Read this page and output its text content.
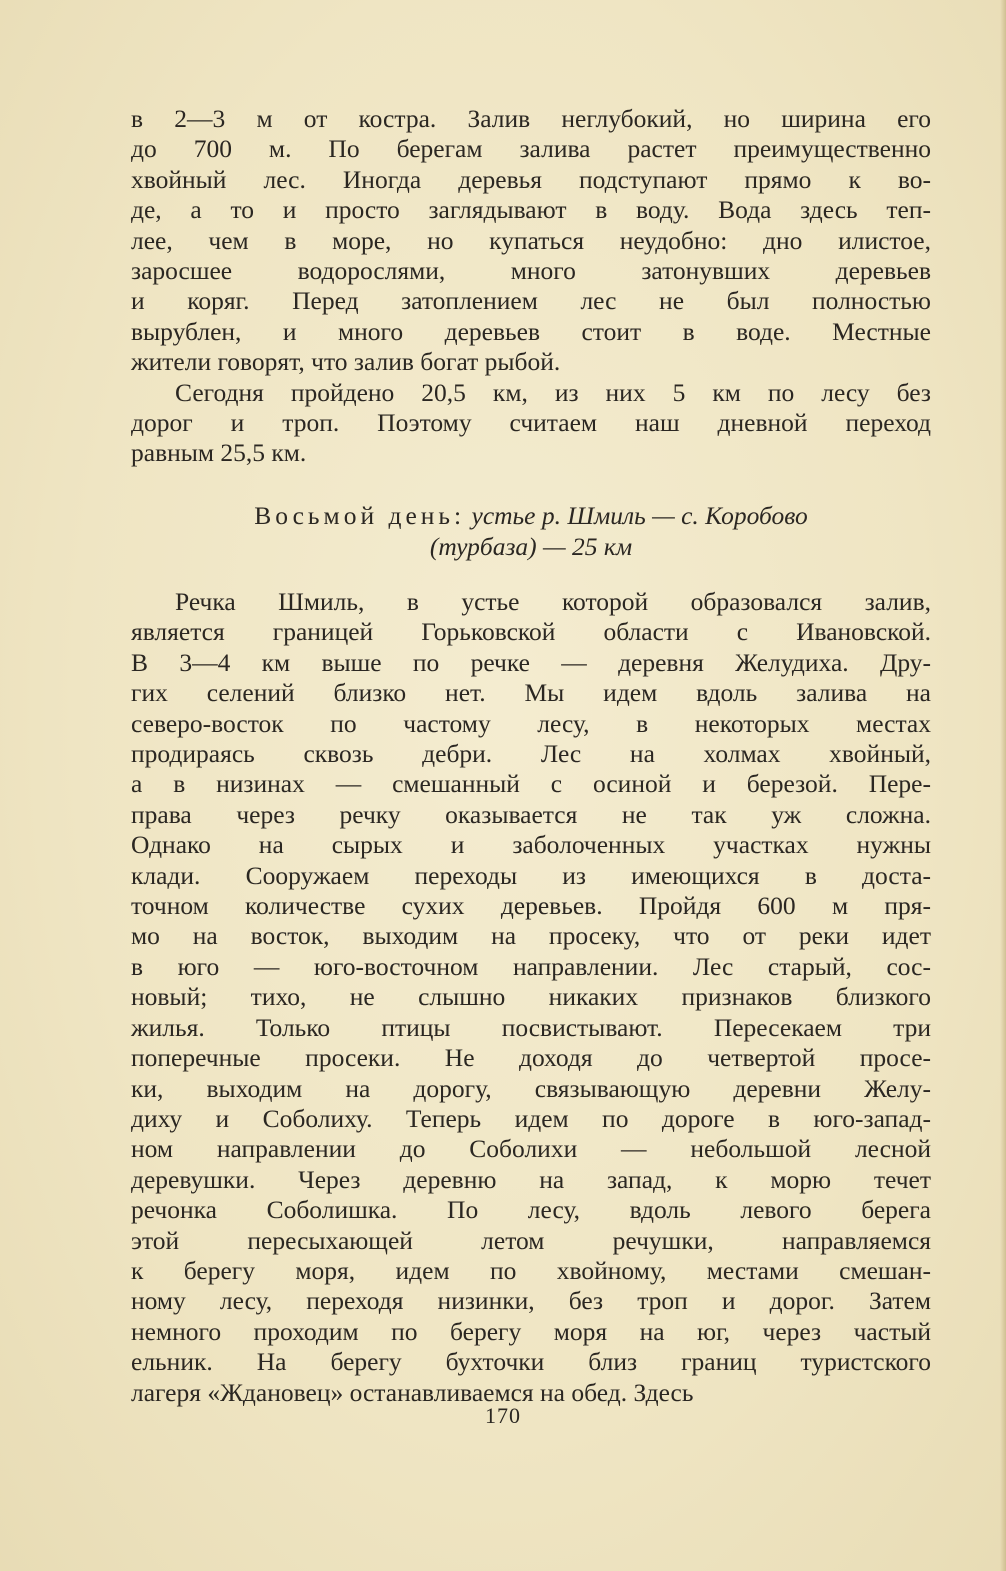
в 2—3 м от костра. Залив неглубокий, но ширина его
до 700 м. По берегам залива растет преимущественно
хвойный лес. Иногда деревья подступают прямо к во-
де, а то и просто заглядывают в воду. Вода здесь теп-
лее, чем в море, но купаться неудобно: дно илистое,
заросшее водорослями, много затонувших деревьев
и коряг. Перед затоплением лес не был полностью
вырублен, и много деревьев стоит в воде. Местные
жители говорят, что залив богат рыбой.
Сегодня пройдено 20,5 км, из них 5 км по лесу без
дорог и троп. Поэтому считаем наш дневной переход
равным 25,5 км.
Восьмой день: устье р. Шмиль — с. Коробово
(турбаза) — 25 км
Речка Шмиль, в устье которой образовался залив,
является границей Горьковской области с Ивановской.
В 3—4 км выше по речке — деревня Желудиха. Дру-
гих селений близко нет. Мы идем вдоль залива на
северо-восток по частому лесу, в некоторых местах
продираясь сквозь дебри. Лес на холмах хвойный,
а в низинах — смешанный с осиной и березой. Пере-
права через речку оказывается не так уж сложна.
Однако на сырых и заболоченных участках нужны
клади. Сооружаем переходы из имеющихся в доста-
точном количестве сухих деревьев. Пройдя 600 м пря-
мо на восток, выходим на просеку, что от реки идет
в юго — юго-восточном направлении. Лес старый, сос-
новый; тихо, не слышно никаких признаков близкого
жилья. Только птицы посвистывают. Пересекаем три
поперечные просеки. Не доходя до четвертой просе-
ки, выходим на дорогу, связывающую деревни Желу-
диху и Соболиху. Теперь идем по дороге в юго-запад-
ном направлении до Соболихи — небольшой лесной
деревушки. Через деревню на запад, к морю течет
речонка Соболишка. По лесу, вдоль левого берега
этой пересыхающей летом речушки, направляемся
к берегу моря, идем по хвойному, местами смешан-
ному лесу, переходя низинки, без троп и дорог. Затем
немного проходим по берегу моря на юг, через частый
ельник. На берегу бухточки близ границ туристского
лагеря «Ждановец» останавливаемся на обед. Здесь
170
